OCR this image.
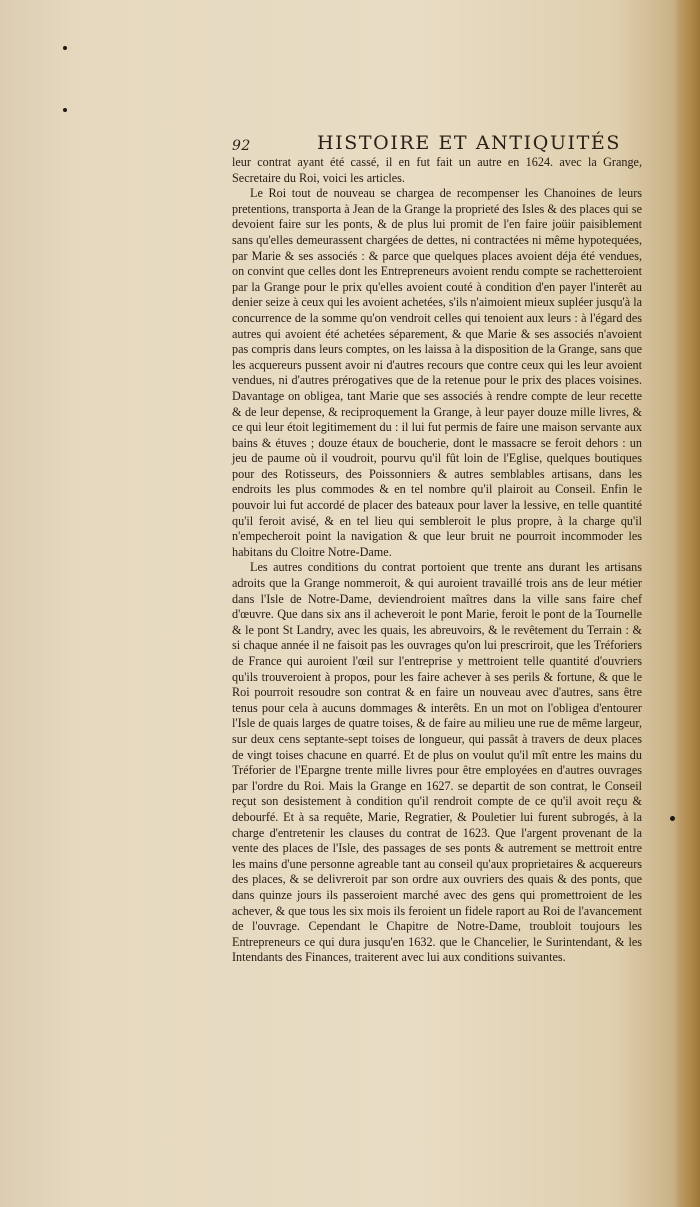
92	HISTOIRE ET ANTIQUITÉS

leur contrat ayant été cassé, il en fut fait un autre en 1624. avec la Grange, Secretaire du Roi, voici les articles.

Le Roi tout de nouveau se chargea de recompenser les Chanoines de leurs pretentions, transporta à Jean de la Grange la proprieté des Isles & des places qui se devoient faire sur les ponts, & de plus lui promit de l'en faire joüir paisiblement sans qu'elles demeurassent chargées de dettes, ni contractées ni même hypotequées, par Marie & ses associés : & parce que quelques places avoient déja été vendues, on convint que celles dont les Entrepreneurs avoient rendu compte se rachetteroient par la Grange pour le prix qu'elles avoient couté à condition d'en payer l'interêt au denier seize à ceux qui les avoient achetées, s'ils n'aimoient mieux supléer jusqu'à la concurrence de la somme qu'on vendroit celles qui tenoient aux leurs : à l'égard des autres qui avoient été achetées séparement, & que Marie & ses associés n'avoient pas compris dans leurs comptes, on les laissa à la disposition de la Grange, sans que les acquereurs pussent avoir ni d'autres recours que contre ceux qui les leur avoient vendues, ni d'autres prérogatives que de la retenue pour le prix des places voisines. Davantage on obligea, tant Marie que ses associés à rendre compte de leur recette & de leur depense, & reciproquement la Grange, à leur payer douze mille livres, & ce qui leur étoit legitimement du : il lui fut permis de faire une maison servante aux bains & étuves ; douze étaux de boucherie, dont le massacre se feroit dehors : un jeu de paume où il voudroit, pourvu qu'il fût loin de l'Eglise, quelques boutiques pour des Rotisseurs, des Poissonniers & autres semblables artisans, dans les endroits les plus commodes & en tel nombre qu'il plairoit au Conseil. Enfin le pouvoir lui fut accordé de placer des bateaux pour laver la lessive, en telle quantité qu'il feroit avisé, & en tel lieu qui sembleroit le plus propre, à la charge qu'il n'empecheroit point la navigation & que leur bruit ne pourroit incommoder les habitans du Cloitre Notre-Dame.

Les autres conditions du contrat portoient que trente ans durant les artisans adroits que la Grange nommeroit, & qui auroient travaillé trois ans de leur métier dans l'Isle de Notre-Dame, deviendroient maîtres dans la ville sans faire chef d'œuvre. Que dans six ans il acheveroit le pont Marie, feroit le pont de la Tournelle & le pont St Landry, avec les quais, les abreuvoirs, & le revêtement du Terrain : & si chaque année il ne faisoit pas les ouvrages qu'on lui prescriroit, que les Tréforiers de France qui auroient l'œil sur l'entreprise y mettroient telle quantité d'ouvriers qu'ils trouveroient à propos, pour les faire achever à ses perils & fortune, & que le Roi pourroit resoudre son contrat & en faire un nouveau avec d'autres, sans être tenus pour cela à aucuns dommages & interêts. En un mot on l'obligea d'entourer l'Isle de quais larges de quatre toises, & de faire au milieu une rue de même largeur, sur deux cens septante-sept toises de longueur, qui passât à travers de deux places de vingt toises chacune en quarré. Et de plus on voulut qu'il mît entre les mains du Tréforier de l'Epargne trente mille livres pour être employées en d'autres ouvrages par l'ordre du Roi. Mais la Grange en 1627. se departit de son contrat, le Conseil reçut son desistement à condition qu'il rendroit compte de ce qu'il avoit reçu & debourfé. Et à sa requête, Marie, Regratier, & Pouletier lui furent subrogés, à la charge d'entretenir les clauses du contrat de 1623. Que l'argent provenant de la vente des places de l'Isle, des passages de ses ponts & autrement se mettroit entre les mains d'une personne agreable tant au conseil qu'aux proprietaires & acquereurs des places, & se delivreroit par son ordre aux ouvriers des quais & des ponts, que dans quinze jours ils passeroient marché avec des gens qui promettroient de les achever, & que tous les six mois ils feroient un fidele raport au Roi de l'avancement de l'ouvrage. Cependant le Chapitre de Notre-Dame, troubloit toujours les Entrepreneurs ce qui dura jusqu'en 1632. que le Chancelier, le Surintendant, & les Intendants des Finances, traiterent avec lui aux conditions suivantes.
